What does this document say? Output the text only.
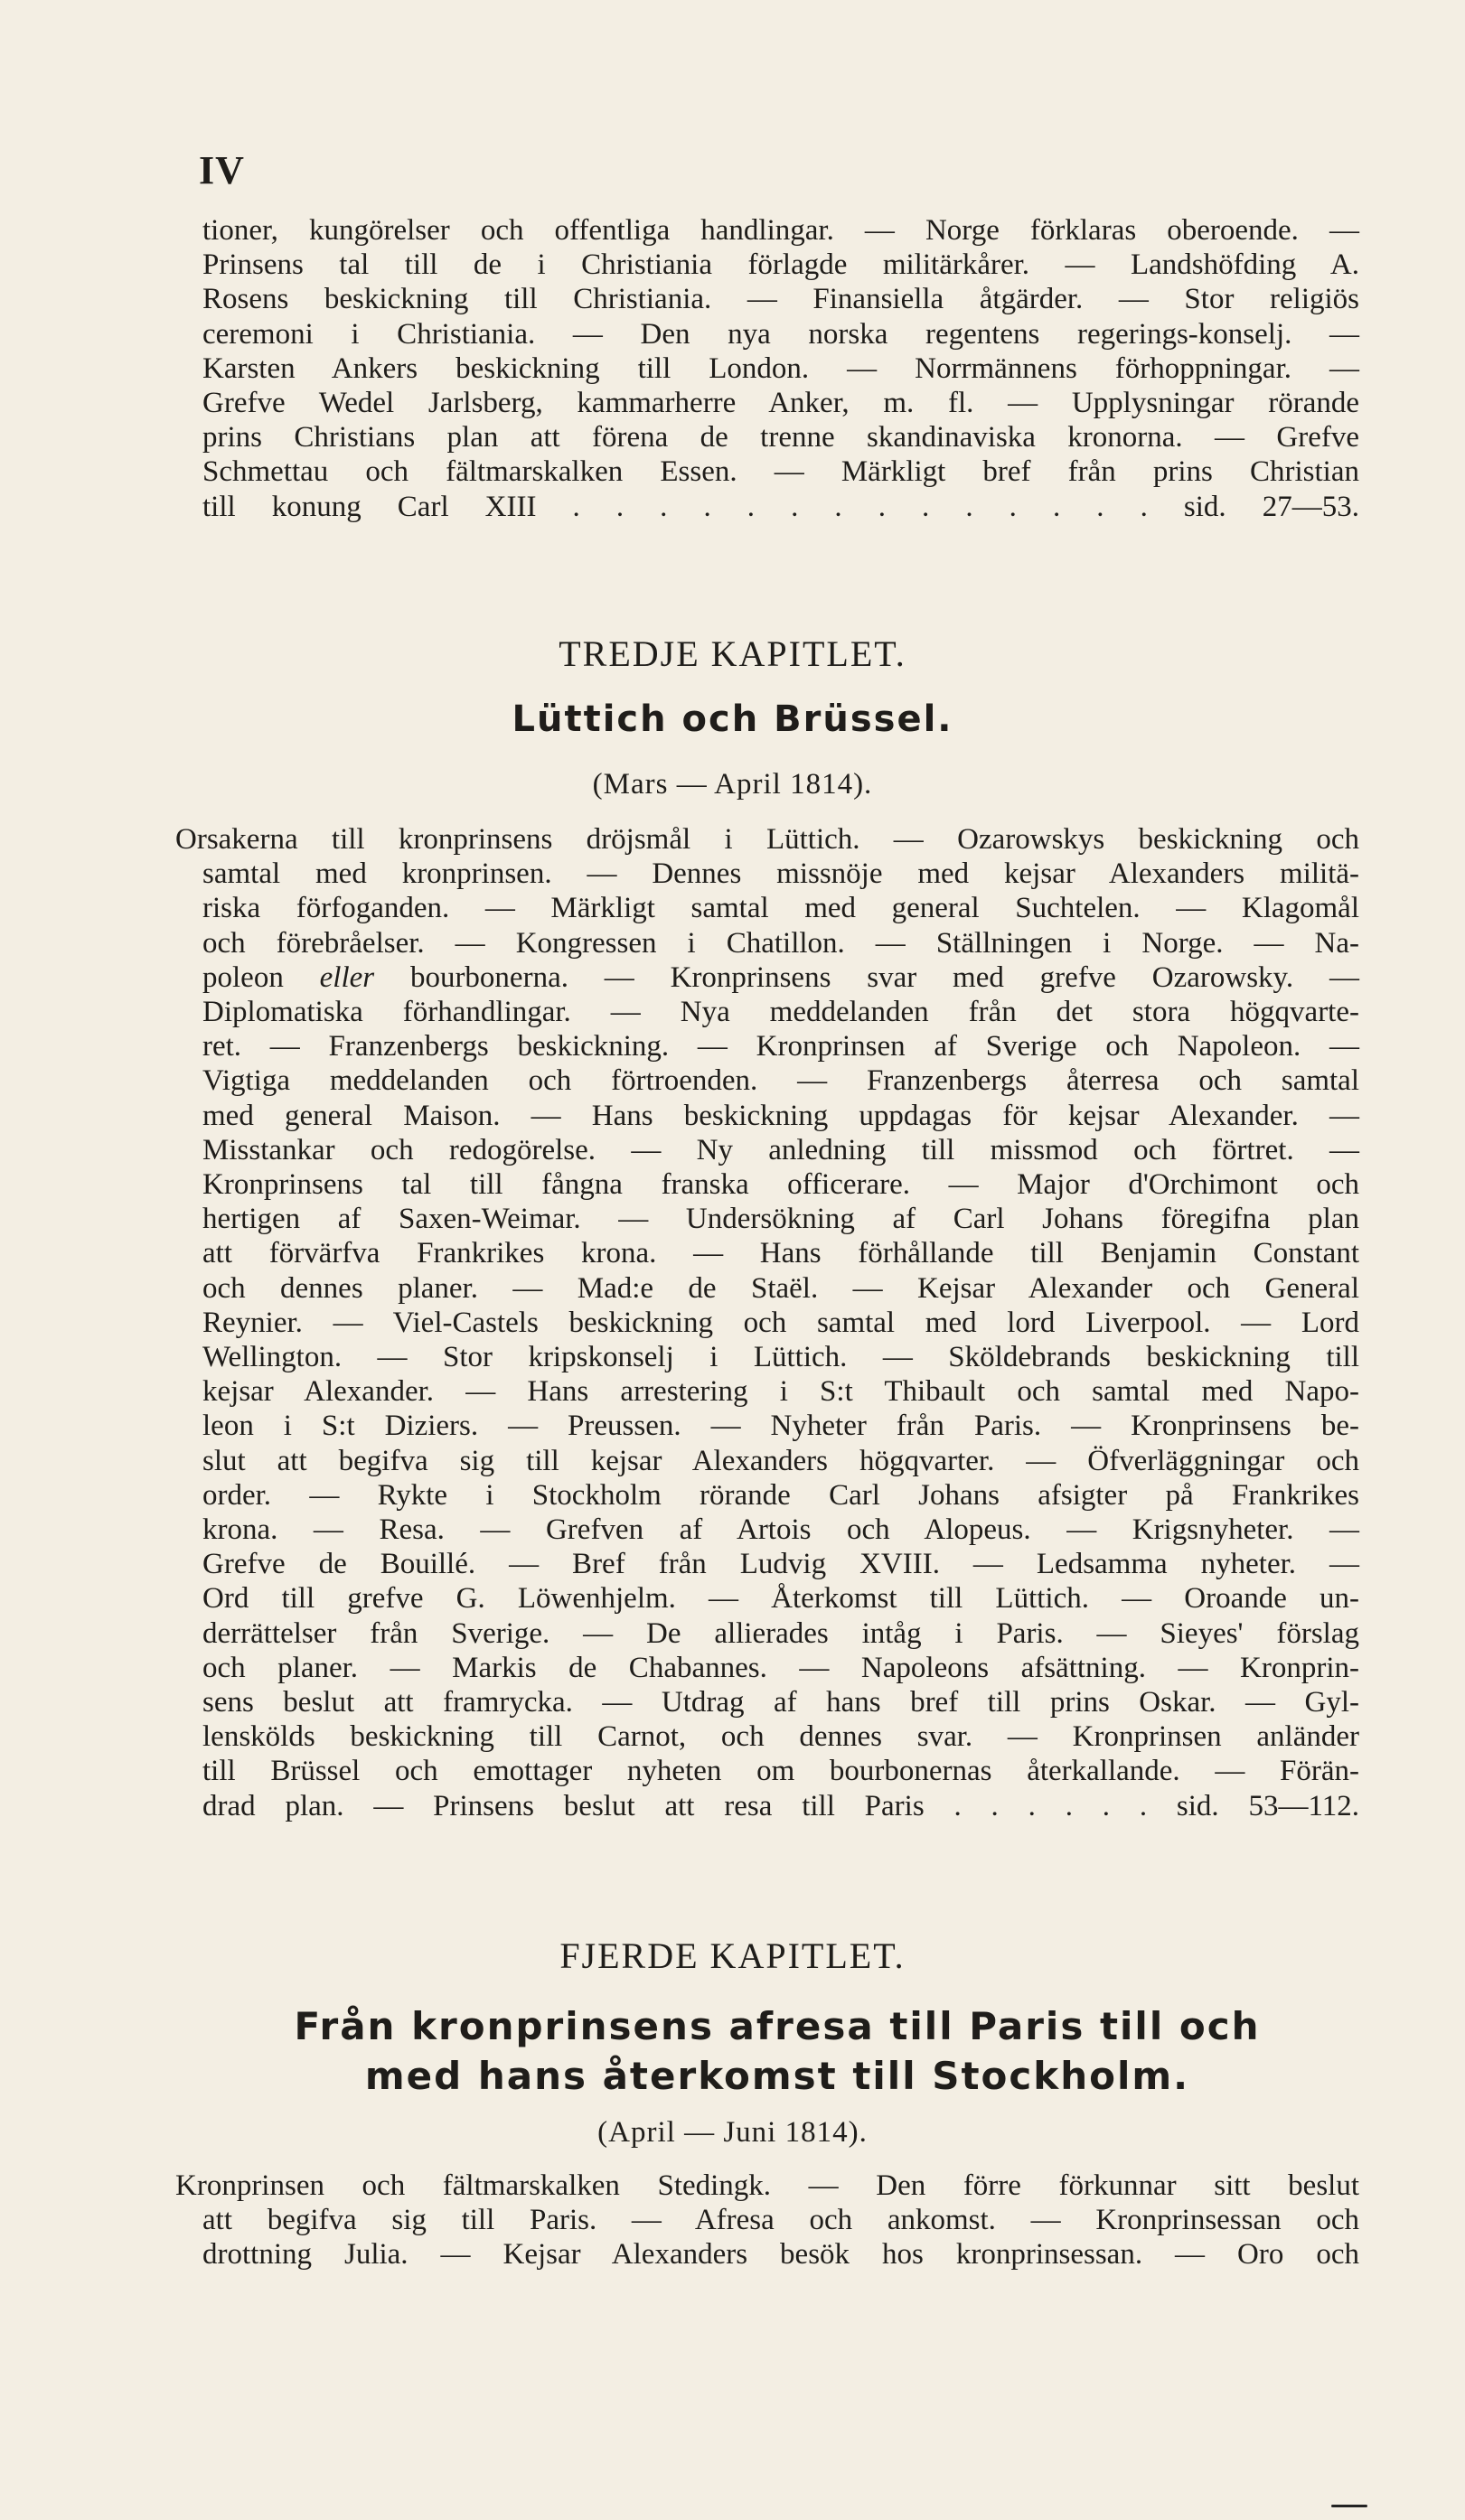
IV
tioner, kungörelser och offentliga handlingar. — Norge förklaras oberoende. —
Prinsens tal till de i Christiania förlagde militärkårer. — Landshöfding A.
Rosens beskickning till Christiania. — Finansiella åtgärder. — Stor religiös
ceremoni i Christiania. — Den nya norska regentens regerings-konselj. —
Karsten Ankers beskickning till London. — Norrmännens förhoppningar. —
Grefve Wedel Jarlsberg, kammarherre Anker, m. fl. — Upplysningar rörande
prins Christians plan att förena de trenne skandinaviska kronorna. — Grefve
Schmettau och fältmarskalken Essen. — Märkligt bref från prins Christian
till konung Carl XIII . . . . . . . . . . . . . . sid. 27—53.
TREDJE KAPITLET.
Lüttich och Brüssel.
(Mars — April 1814).
Orsakerna till kronprinsens dröjsmål i Lüttich. — Ozarowskys beskickning och
samtal med kronprinsen. — Dennes missnöje med kejsar Alexanders militä-
riska förfoganden. — Märkligt samtal med general Suchtelen. — Klagomål
och förebråelser. — Kongressen i Chatillon. — Ställningen i Norge. — Na-
poleon eller bourbonerna. — Kronprinsens svar med grefve Ozarowsky. —
Diplomatiska förhandlingar. — Nya meddelanden från det stora högqvarte-
ret. — Franzenbergs beskickning. — Kronprinsen af Sverige och Napoleon. —
Vigtiga meddelanden och förtroenden. — Franzenbergs återresa och samtal
med general Maison. — Hans beskickning uppdagas för kejsar Alexander. —
Misstankar och redogörelse. — Ny anledning till missmod och förtret. —
Kronprinsens tal till fångna franska officerare. — Major d'Orchimont och
hertigen af Saxen-Weimar. — Undersökning af Carl Johans föregifna plan
att förvärfva Frankrikes krona. — Hans förhållande till Benjamin Constant
och dennes planer. — Mad:e de Staël. — Kejsar Alexander och General
Reynier. — Viel-Castels beskickning och samtal med lord Liverpool. — Lord
Wellington. — Stor kripskonselj i Lüttich. — Sköldebrands beskickning till
kejsar Alexander. — Hans arrestering i S:t Thibault och samtal med Napo-
leon i S:t Diziers. — Preussen. — Nyheter från Paris. — Kronprinsens be-
slut att begifva sig till kejsar Alexanders högqvarter. — Öfverläggningar och
order. — Rykte i Stockholm rörande Carl Johans afsigter på Frankrikes
krona. — Resa. — Grefven af Artois och Alopeus. — Krigsnyheter. —
Grefve de Bouillé. — Bref från Ludvig XVIII. — Ledsamma nyheter. —
Ord till grefve G. Löwenhjelm. — Återkomst till Lüttich. — Oroande un-
derrättelser från Sverige. — De allierades intåg i Paris. — Sieyes' förslag
och planer. — Markis de Chabannes. — Napoleons afsättning. — Kronprin-
sens beslut att framrycka. — Utdrag af hans bref till prins Oskar. — Gyl-
lenskölds beskickning till Carnot, och dennes svar. — Kronprinsen anländer
till Brüssel och emottager nyheten om bourbonernas återkallande. — Förän-
drad plan. — Prinsens beslut att resa till Paris . . . . . . sid. 53—112.
FJERDE KAPITLET.
Från kronprinsens afresa till Paris till och
med hans återkomst till Stockholm.
(April — Juni 1814).
Kronprinsen och fältmarskalken Stedingk. — Den förre förkunnar sitt beslut
att begifva sig till Paris. — Afresa och ankomst. — Kronprinsessan och
drottning Julia. — Kejsar Alexanders besök hos kronprinsessan. — Oro och
